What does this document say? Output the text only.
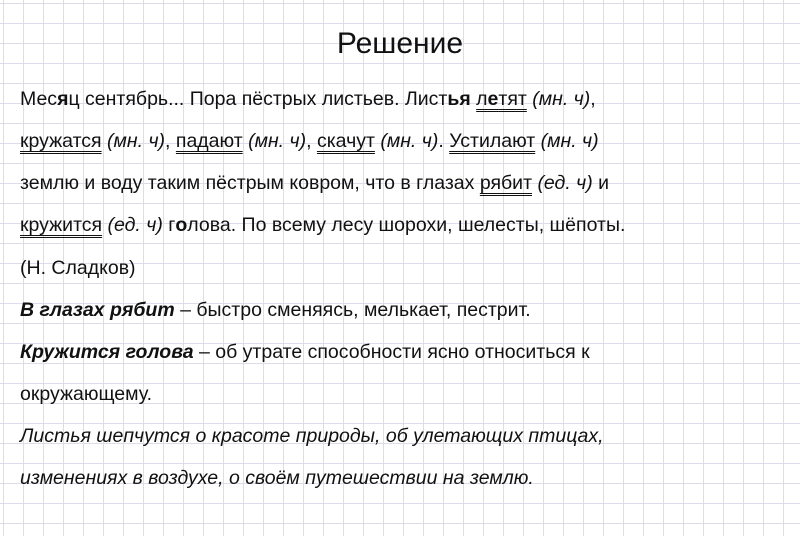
Решение
Месяц сентябрь... Пора пёстрых листьев. Листья летят (мн. ч),
кружатся (мн. ч), падают (мн. ч), скачут (мн. ч). Устилают (мн. ч)
землю и воду таким пёстрым ковром, что в глазах рябит (ед. ч) и
кружится (ед. ч) голова. По всему лесу шорохи, шелесты, шёпоты.
(Н. Сладков)
В глазах рябит – быстро сменяясь, мелькает, пестрит.
Кружится голова – об утрате способности ясно относиться к
окружающему.
Листья шепчутся о красоте природы, об улетающих птицах,
изменениях в воздухе, о своём путешествии на землю.
